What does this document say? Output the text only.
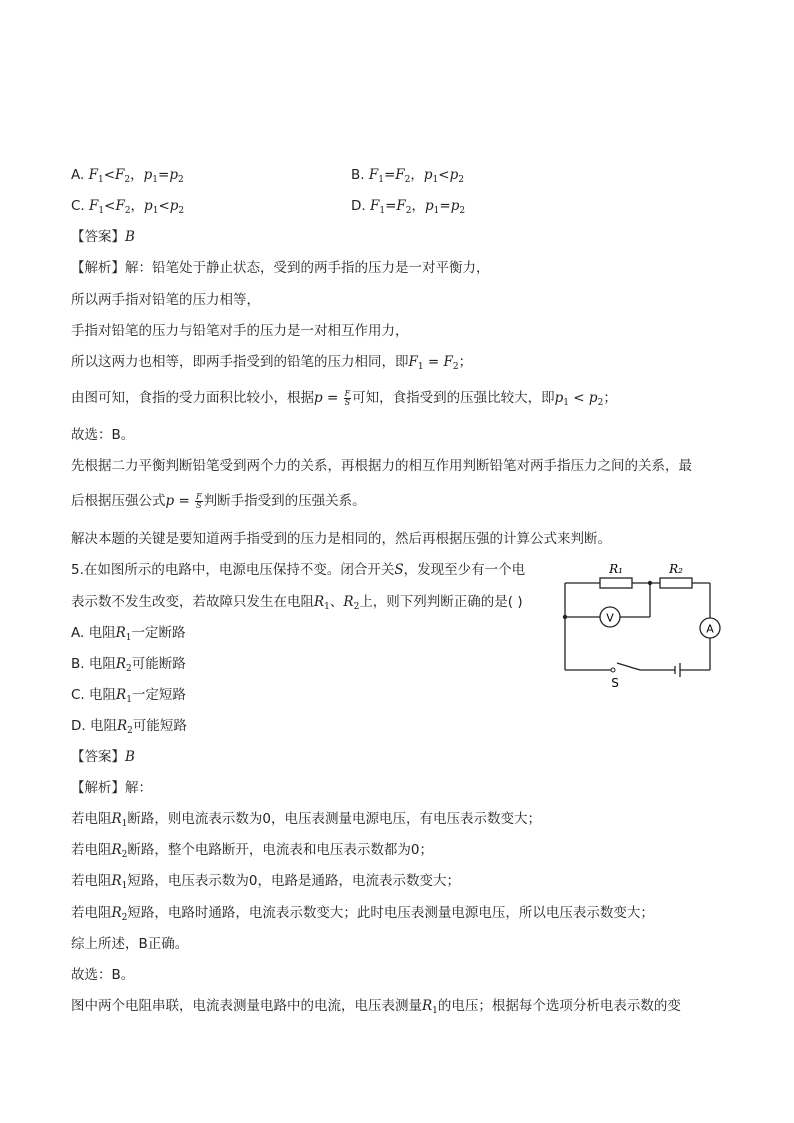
A. $F_1<F_2$，$p_1=p_2$	B. $F_1=F_2$，$p_1<p_2$
C. $F_1<F_2$，$p_1<p_2$	D. $F_1=F_2$，$p_1=p_2$
【答案】B
【解析】解：铅笔处于静止状态，受到的两手指的压力是一对平衡力，
所以两手指对铅笔的压力相等，
手指对铅笔的压力与铅笔对手的压力是一对相互作用力，
所以这两力也相等，即两手指受到的铅笔的压力相同，即$F_1 = F_2$；
由图可知，食指的受力面积比较小，根据$p = \frac{F}{S}$ 可知，食指受到的压强比较大，即$p_1 < p_2$；
故选：B。
先根据二力平衡判断铅笔受到两个力的关系，再根据力的相互作用判断铅笔对两手指压力之间的关系，最
后根据压强公式$p = \frac{F}{S}$ 判断手指受到的压强关系。
解决本题的关键是要知道两手指受到的压力是相同的，然后再根据压强的计算公式来判断。
5.在如图所示的电路中，电源电压保持不变。闭合开关S，发现至少有一个电
表示数不发生改变，若故障只发生在电阻$R_1$、$R_2$上，则下列判断正确的是( )
A. 电阻$R_1$一定断路
B. 电阻$R_2$可能断路
C. 电阻$R_1$一定短路
D. 电阻$R_2$可能短路
V
A
R₁	R₂
S
【答案】B
【解析】解：
若电阻$R_1$断路，则电流表示数为0，电压表测量电源电压，有电压表示数变大；
若电阻$R_2$断路，整个电路断开，电流表和电压表示数都为0；
若电阻$R_1$短路，电压表示数为0，电路是通路，电流表示数变大；
若电阻$R_2$短路，电路时通路，电流表示数变大；此时电压表测量电源电压，所以电压表示数变大；
综上所述，B正确。
故选：B。
图中两个电阻串联，电流表测量电路中的电流，电压表测量$R_1$的电压；根据每个选项分析电表示数的变
